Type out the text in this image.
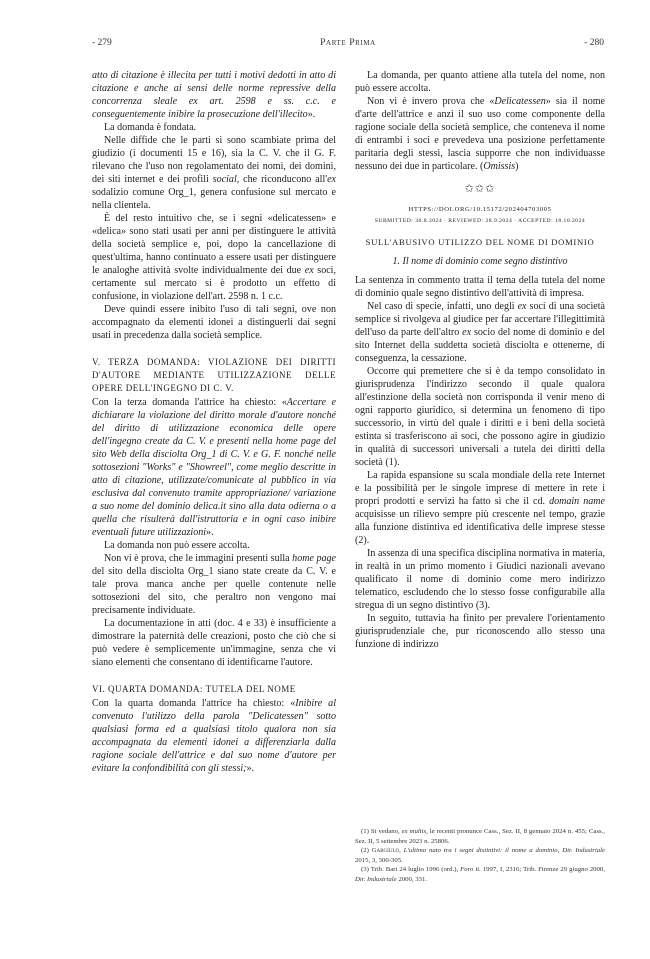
- 279	Parte Prima	- 280

atto di citazione è illecita per tutti i motivi dedotti in atto di citazione e anche ai sensi delle norme repressive della concorrenza sleale ex art. 2598 e ss. c.c. e conseguentemente inibire la prosecuzione dell'illecito».

La domanda è fondata.

Nelle diffide che le parti si sono scambiate prima del giudizio (i documenti 15 e 16), sia la C. V. che il G. F. rilevano che l'uso non regolamentato dei nomi, dei domini, dei siti internet e dei profili social, che riconducono all'ex sodalizio comune Org_1, genera confusione sul mercato e nella clientela.

È del resto intuitivo che, se i segni «delicatessen» e «delica» sono stati usati per anni per distinguere le attività della società semplice e, poi, dopo la cancellazione di quest'ultima, hanno continuato a essere usati per distinguere le analoghe attività svolte individualmente dei due ex soci, certamente sul mercato si è prodotto un effetto di confusione, in violazione dell'art. 2598 n. 1 c.c.

Deve quindi essere inibito l'uso di tali segni, ove non accompagnato da elementi idonei a distinguerli dai segni usati in precedenza dalla società semplice.

V. TERZA DOMANDA: VIOLAZIONE DEI DIRITTI D'AUTORE MEDIANTE UTILIZZAZIONE DELLE OPERE DELL'INGEGNO DI C. V.

Con la terza domanda l'attrice ha chiesto: «Accertare e dichiarare la violazione del diritto morale d'autore nonché del diritto di utilizzazione economica delle opere dell'ingegno create da C. V. e presenti nella home page del sito Web della disciolta Org_1 di C. V. e G. F. nonché nelle sottosezioni "Works" e "Showreel", come meglio descritte in atto di citazione, utilizzate/comunicate al pubblico in via esclusiva dal convenuto tramite appropriazione/ variazione a suo nome del dominio delica.it sino alla data odierna o a quella che risulterà dall'istruttoria e in ogni caso inibire eventuali future utilizzazioni».

La domanda non può essere accolta.

Non vi è prova, che le immagini presenti sulla home page del sito della disciolta Org_1 siano state create da C. V. e tale prova manca anche per quelle contenute nelle sottosezioni del sito, che peraltro non vengono mai precisamente individuate.

La documentazione in atti (doc. 4 e 33) è insufficiente a dimostrare la paternità delle creazioni, posto che ciò che si può vedere è semplicemente un'immagine, senza che vi siano elementi che consentano di identificarne l'autore.

VI. QUARTA DOMANDA: TUTELA DEL NOME

Con la quarta domanda l'attrice ha chiesto: «Inibire al convenuto l'utilizzo della parola "Delicatessen" sotto qualsiasi forma ed a qualsiasi titolo qualora non sia accompagnata da elementi idonei a differenziarla dalla ragione sociale dell'attrice e dal suo nome d'autore per evitare la confondibilità con gli stessi;».

La domanda, per quanto attiene alla tutela del nome, non può essere accolta.

Non vi è invero prova che «Delicatessen» sia il nome d'arte dell'attrice e anzi il suo uso come componente della ragione sociale della società semplice, che conteneva il nome di entrambi i soci e prevedeva una posizione perfettamente paritaria degli stessi, lascia supporre che non individuasse nessuno dei due in particolare. (Omissis)

✩✩✩
HTTPS://DOI.ORG/10.15172/202404703005
SUBMITTED: 30.8.2024 · REVIEWED: 28.9.2024 · ACCEPTED: 18.10.2024
SULL'ABUSIVO UTILIZZO DEL NOME DI DOMINIO
1. Il nome di dominio come segno distintivo

La sentenza in commento tratta il tema della tutela del nome di dominio quale segno distintivo dell'attività di impresa.

Nel caso di specie, infatti, uno degli ex soci di una società semplice si rivolgeva al giudice per far accertare l'illegittimità dell'uso da parte dell'altro ex socio del nome di dominio e del sito Internet della suddetta società disciolta e ottenerne, di conseguenza, la cessazione.

Occorre qui premettere che si è da tempo consolidato in giurisprudenza l'indirizzo secondo il quale qualora all'estinzione della società non corrisponda il venir meno di ogni rapporto giuridico, si determina un fenomeno di tipo successorio, in virtù del quale i diritti e i beni della società estinta si trasferiscono ai soci, che possono agire in giudizio in qualità di successori universali a tutela dei diritti della società (1).

La rapida espansione su scala mondiale della rete Internet e la possibilità per le singole imprese di mettere in rete i propri prodotti e servizi ha fatto sì che il cd. domain name acquisisse un rilievo sempre più crescente nel tempo, grazie alla funzione distintiva ed identificativa delle imprese stesse (2).

In assenza di una specifica disciplina normativa in materia, in realtà in un primo momento i Giudici nazionali avevano qualificato il nome di dominio come mero indirizzo telematico, escludendo che lo stesso fosse configurabile alla stregua di un segno distintivo (3).

In seguito, tuttavia ha finito per prevalere l'orientamento giurisprudenziale che, pur riconoscendo allo stesso una funzione di indirizzo

(1) Si vedano, ex multis, le recenti pronunce Cass., Sez. II, 8 gennaio 2024 n. 455; Cass., Sez. II, 5 settembre 2023 n. 25806.
(2) Gargiulo, L'ultimo nato tra i segni distintivi: il nome a dominio, Dir. Industriale 2015, 3, 300-305.
(3) Trib. Bari 24 luglio 1996 (ord.), Foro it. 1997, I, 2316; Trib. Firenze 29 giugno 2000, Dir. Industriale 2000, 331.
